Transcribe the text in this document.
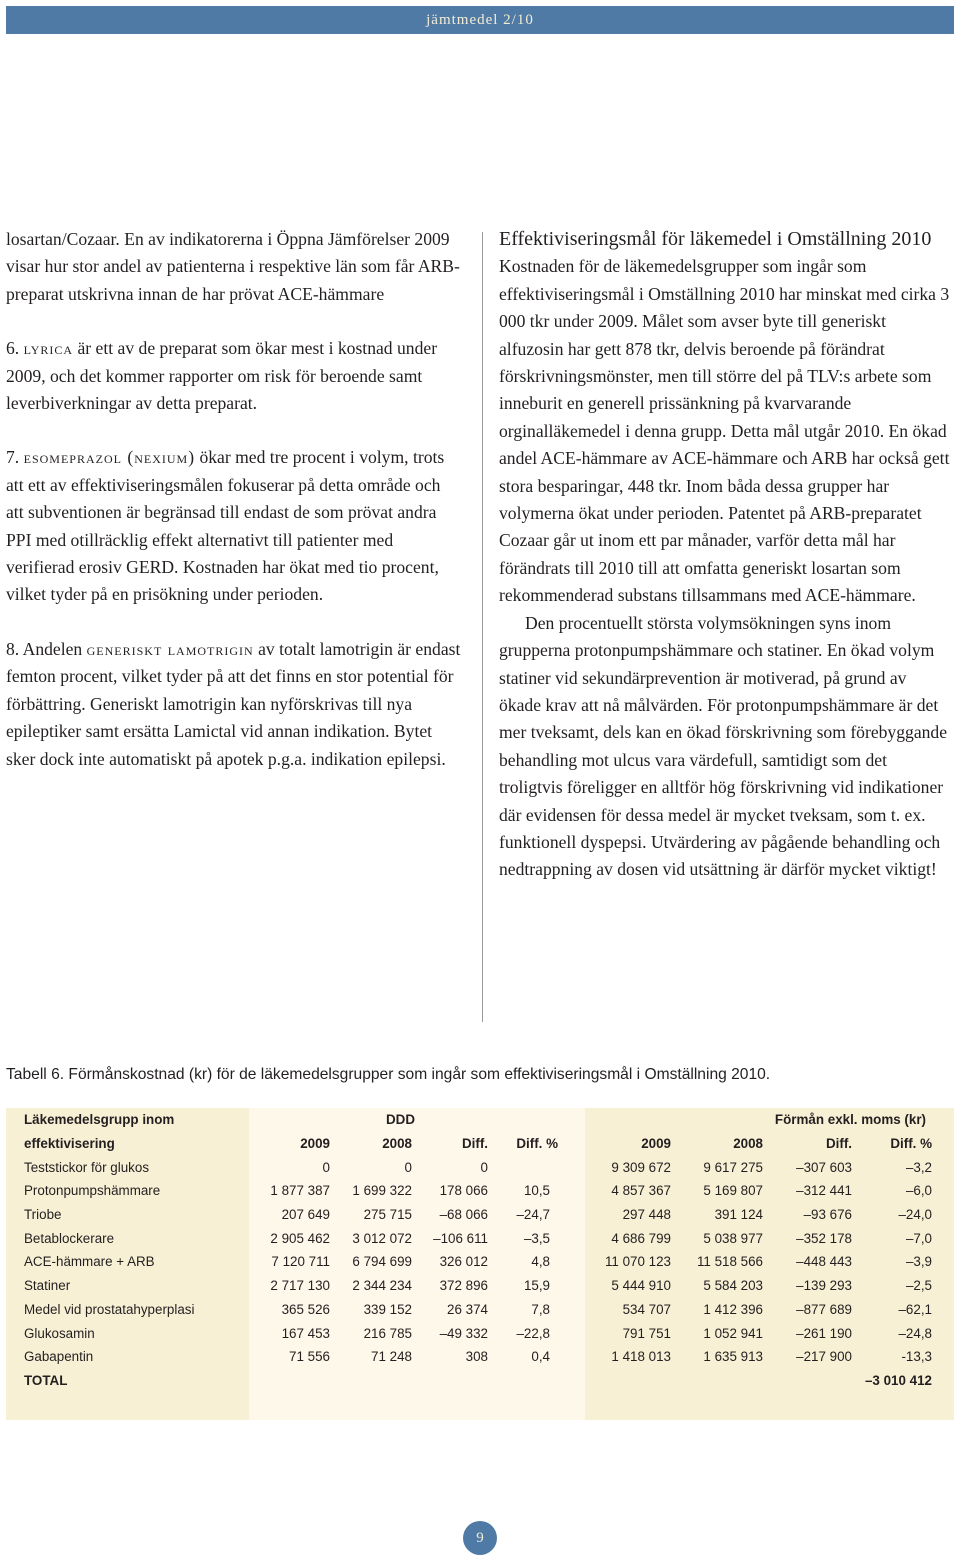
jämtmedel 2/10

losartan/Cozaar. En av indikatorerna i Öppna Jämförelser 2009 visar hur stor andel av patienterna i respektive län som får ARB-preparat utskrivna innan de har prövat ACE-hämmare

6. lyrica är ett av de preparat som ökar mest i kostnad under 2009, och det kommer rapporter om risk för beroende samt leverbiverkningar av detta preparat.

7. esomeprazol (nexium) ökar med tre procent i volym, trots att ett av effektiviseringsmålen fokuserar på detta område och att subventionen är begränsad till endast de som prövat andra PPI med otillräcklig effekt alternativt till patienter med verifierad erosiv GERD. Kostnaden har ökat med tio procent, vilket tyder på en prisökning under perioden.

8. Andelen generiskt lamotrigin av totalt lamotrigin är endast femton procent, vilket tyder på att det finns en stor potential för förbättring. Generiskt lamotrigin kan nyförskrivas till nya epileptiker samt ersätta Lamictal vid annan indikation. Bytet sker dock inte automatiskt på apotek p.g.a. indikation epilepsi.

Effektiviseringsmål för läkemedel i Omställning 2010

Kostnaden för de läkemedelsgrupper som ingår som effektiviseringsmål i Omställning 2010 har minskat med cirka 3 000 tkr under 2009. Målet som avser byte till generiskt alfuzosin har gett 878 tkr, delvis beroende på förändrat förskrivningsmönster, men till större del på TLV:s arbete som inneburit en generell prissänkning på kvarvarande orginalläkemedel i denna grupp. Detta mål utgår 2010. En ökad andel ACE-hämmare av ACE-hämmare och ARB har också gett stora besparingar, 448 tkr. Inom båda dessa grupper har volymerna ökat under perioden. Patentet på ARB-preparatet Cozaar går ut inom ett par månader, varför detta mål har förändrats till 2010 till att omfatta generiskt losartan som rekommenderad substans tillsammans med ACE-hämmare.

Den procentuellt största volymsökningen syns inom grupperna protonpumpshämmare och statiner. En ökad volym statiner vid sekundärprevention är motiverad, på grund av ökade krav att nå målvärden. För protonpumpshämmare är det mer tveksamt, dels kan en ökad förskrivning som förebyggande behandling mot ulcus vara värdefull, samtidigt som det troligtvis föreligger en alltför hög förskrivning vid indikationer där evidensen för dessa medel är mycket tveksam, som t. ex. funktionell dyspepsi. Utvärdering av pågående behandling och nedtrappning av dosen vid utsättning är därför mycket viktigt!

Tabell 6. Förmånskostnad (kr) för de läkemedelsgrupper som ingår som effektiviseringsmål i Omställning 2010.
Läkemedelsgrupp inom	DDD				Förmån exkl. moms (kr)				
effektivisering	2009	2008	Diff.	Diff. %	2009	2008	Diff.	Diff. %	
Teststickor för glukos	0	0	0		9 309 672	9 617 275	–307 603	–3,2	
Protonpumpshämmare	1 877 387	1 699 322	178 066	10,5	4 857 367	5 169 807	–312 441	–6,0	
Triobe	207 649	275 715	–68 066	–24,7	297 448	391 124	–93 676	–24,0	
Betablockerare	2 905 462	3 012 072	–106 611	–3,5	4 686 799	5 038 977	–352 178	–7,0	
ACE-hämmare + ARB	7 120 711	6 794 699	326 012	4,8	11 070 123	11 518 566	–448 443	–3,9	
Statiner	2 717 130	2 344 234	372 896	15,9	5 444 910	5 584 203	–139 293	–2,5	
Medel vid prostatahyperplasi	365 526	339 152	26 374	7,8	534 707	1 412 396	–877 689	–62,1	
Glukosamin	167 453	216 785	–49 332	–22,8	791 751	1 052 941	–261 190	–24,8	
Gabapentin	71 556	71 248	308	0,4	1 418 013	1 635 913	–217 900	-13,3	
TOTAL						–3 010 412			
9
